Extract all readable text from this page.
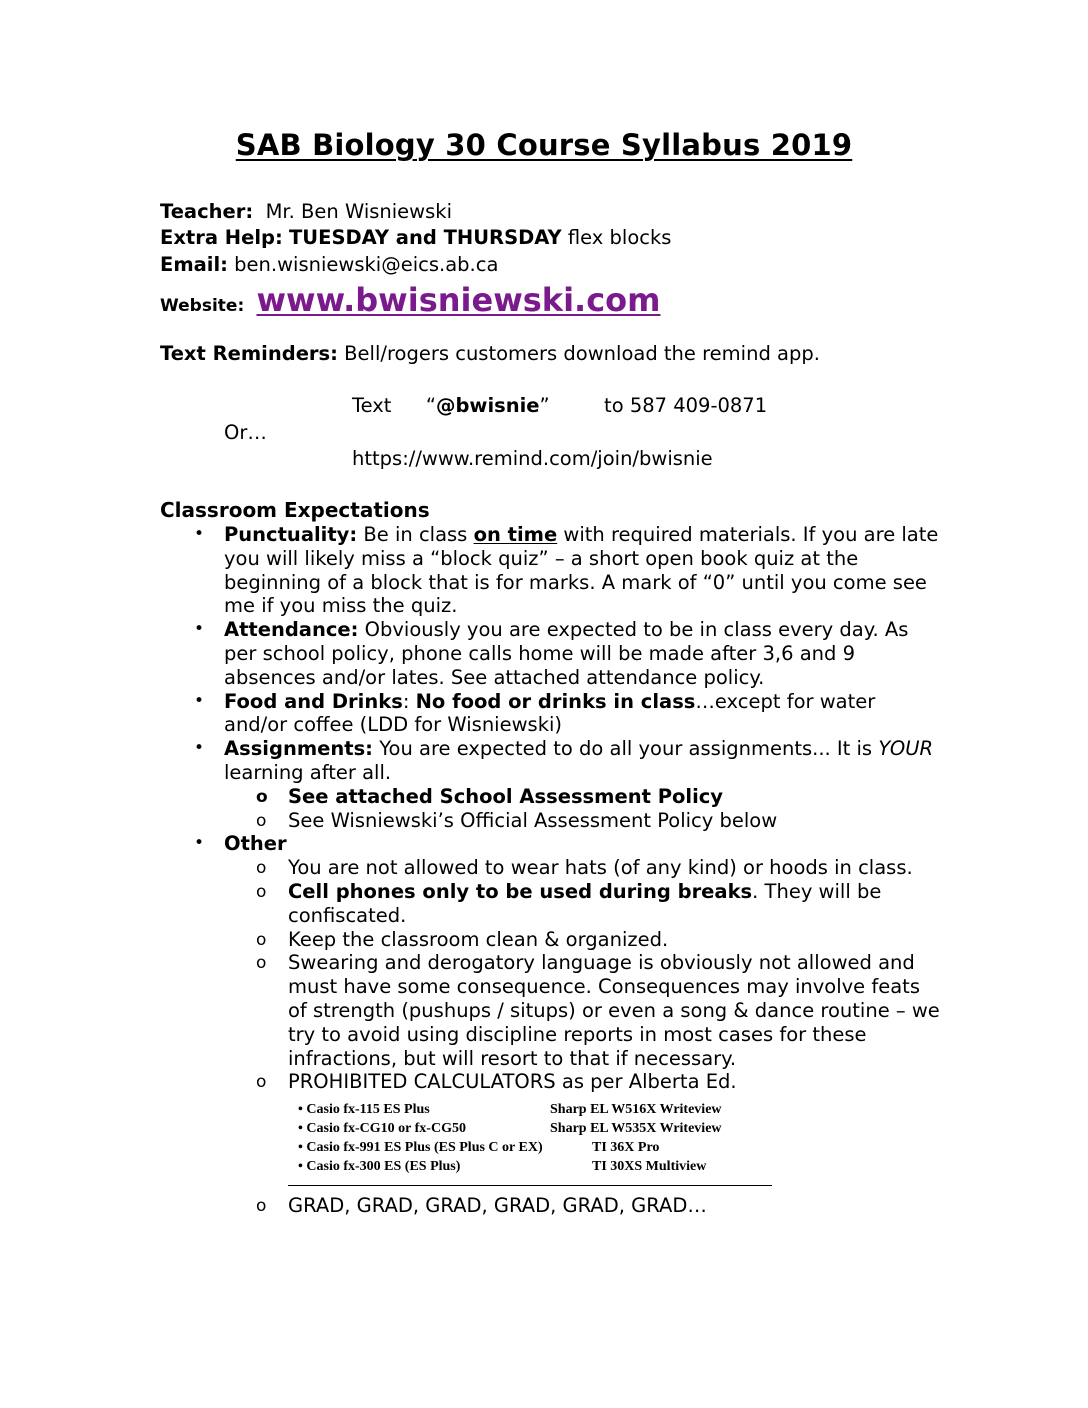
SAB Biology 30 Course Syllabus 2019
Teacher: Mr. Ben Wisniewski
Extra Help: TUESDAY and THURSDAY flex blocks
Email: ben.wisniewski@eics.ab.ca
Website: www.bwisniewski.com
Text Reminders: Bell/rogers customers download the remind app.
Text “@bwisnie”	to 587 409-0871
Or…
https://www.remind.com/join/bwisnie
Classroom Expectations
• Punctuality: Be in class on time with required materials. If you are late you will likely miss a “block quiz” – a short open book quiz at the beginning of a block that is for marks. A mark of “0” until you come see me if you miss the quiz.
• Attendance: Obviously you are expected to be in class every day. As per school policy, phone calls home will be made after 3,6 and 9 absences and/or lates. See attached attendance policy.
• Food and Drinks: No food or drinks in class…except for water and/or coffee (LDD for Wisniewski)
• Assignments: You are expected to do all your assignments... It is YOUR learning after all.
o See attached School Assessment Policy
o See Wisniewski’s Official Assessment Policy below
• Other
o You are not allowed to wear hats (of any kind) or hoods in class.
o Cell phones only to be used during breaks. They will be confiscated.
o Keep the classroom clean & organized.
o Swearing and derogatory language is obviously not allowed and must have some consequence. Consequences may involve feats of strength (pushups / situps) or even a song & dance routine – we try to avoid using discipline reports in most cases for these infractions, but will resort to that if necessary.
o PROHIBITED CALCULATORS as per Alberta Ed.
• Casio fx-115 ES Plus	Sharp EL W516X Writeview
• Casio fx-CG10 or fx-CG50	Sharp EL W535X Writeview
• Casio fx-991 ES Plus (ES Plus C or EX)	TI 36X Pro
• Casio fx-300 ES (ES Plus)	TI 30XS Multiview
o GRAD, GRAD, GRAD, GRAD, GRAD, GRAD…
